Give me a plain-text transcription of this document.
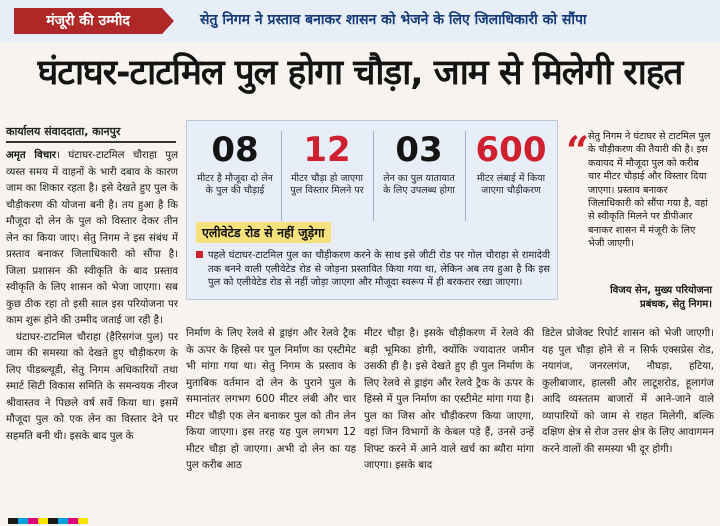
मंजूरी की उम्मीद	सेतु निगम ने प्रस्ताव बनाकर शासन को भेजने के लिए जिलाधिकारी को सौंपा
घंटाघर-टाटमिल पुल होगा चौड़ा, जाम से मिलेगी राहत
कार्यालय संवाददाता, कानपुर

अमृत विचार। घंटाघर-टाटमिल चौराहा पुल व्यस्त समय में वाहनों के भारी दबाव के कारण जाम का शिकार रहता है। इसे देखते हुए पुल के चौड़ीकरण की योजना बनी है। तय हुआ है कि मौजूदा दो लेन के पुल को विस्तार देकर तीन लेन का किया जाए। सेतु निगम ने इस संबंध में प्रस्ताव बनाकर जिलाधिकारी को सौंपा है। जिला प्रशासन की स्वीकृति के बाद प्रस्ताव स्वीकृति के लिए शासन को भेजा जाएगा। सब कुछ ठीक रहा तो इसी साल इस परियोजना पर काम शुरू होने की उम्मीद जताई जा रही है।

घंटाघर-टाटमिल चौराहा (हैरिसगंज पुल) पर जाम की समस्या को देखते हुए चौड़ीकरण के लिए पीडब्ल्यूडी, सेतु निगम अधिकारियों तथा स्मार्ट सिटी विकास समिति के समन्वयक नीरज श्रीवास्तव ने पिछले वर्ष सर्वे किया था। इसमें मौजूदा पुल को एक लेन का विस्तार देने पर सहमति बनी थी। इसके बाद पुल के

08
मीटर है मौजूदा दो लेन के पुल की चौड़ाई
12
मीटर चौड़ा हो जाएगा पुल विस्तार मिलने पर
03
लेन का पुल यातायात के लिए उपलब्ध होगा
600
मीटर लंबाई में किया जाएगा चौड़ीकरण
एलीवेटेड रोड से नहीं जुड़ेगा
पहले घंटाघर-टाटमिल पुल का चौड़ीकरण करने के साथ इसे जीटी रोड पर गोल चौराहा से रामादेवी तक बनने वाली एलीवेटेड रोड से जोड़ना प्रस्तावित किया गया था, लेकिन अब तय हुआ है कि इस पुल को एलीवेटेड रोड से नहीं जोड़ा जाएगा और मौजूदा स्वरूप में ही बरकरार रखा जाएगा।
“
सेतु निगम ने घंटाघर से टाटमिल पुल के चौड़ीकरण की तैयारी की है। इस कवायद में मौजूदा पुल को करीब चार मीटर चौड़ाई और विस्तार दिया जाएगा। प्रस्ताव बनाकर जिलाधिकारी को सौंपा गया है, वहां से स्वीकृति मिलने पर डीपीआर बनाकर शासन में मंजूरी के लिए भेजी जाएगी।
विजय सेन, मुख्य परियोजना
प्रबंधक, सेतु निगम।

निर्माण के लिए रेलवे से ड्राइंग और रेलवे ट्रैक के ऊपर के हिस्से पर पुल निर्माण का एस्टीमेट भी मांगा गया था। सेतु निगम के प्रस्ताव के मुताबिक वर्तमान दो लेन के पुराने पुल के समानांतर लगभग 600 मीटर लंबी और चार मीटर चौड़ी एक लेन बनाकर पुल को तीन लेन किया जाएगा। इस तरह यह पुल लगभग 12 मीटर चौड़ा हो जाएगा। अभी दो लेन का यह पुल करीब आठ

मीटर चौड़ा है। इसके चौड़ीकरण में रेलवे की बड़ी भूमिका होगी, क्योंकि ज्यादातर जमीन उसकी ही है। इसे देखते हुए ही पुल निर्माण के लिए रेलवे से ड्राइंग और रेलवे ट्रैक के ऊपर के हिस्से में पुल निर्माण का एस्टीमेट मांगा गया है। पुल का जिस ओर चौड़ीकरण किया जाएगा, वहां जिन विभागों के केबल पड़े हैं, उनसे उन्हें शिफ्ट करने में आने वाले खर्च का ब्यौरा मांगा जाएगा। इसके बाद

डिटेल प्रोजेक्ट रिपोर्ट शासन को भेजी जाएगी। यह पुल चौड़ा होने से न सिर्फ एक्सप्रेस रोड, नयागंज, जनरलगंज, नौघड़ा, हटिया, कुलीबाजार, हालसी और लाटूशरोड, हूलागंज आदि व्यस्ततम बाजारों में आने-जाने वाले व्यापारियों को जाम से राहत मिलेगी, बल्कि दक्षिण क्षेत्र से रोज उत्तर क्षेत्र के लिए आवागमन करने वालों की समस्या भी दूर होगी।
